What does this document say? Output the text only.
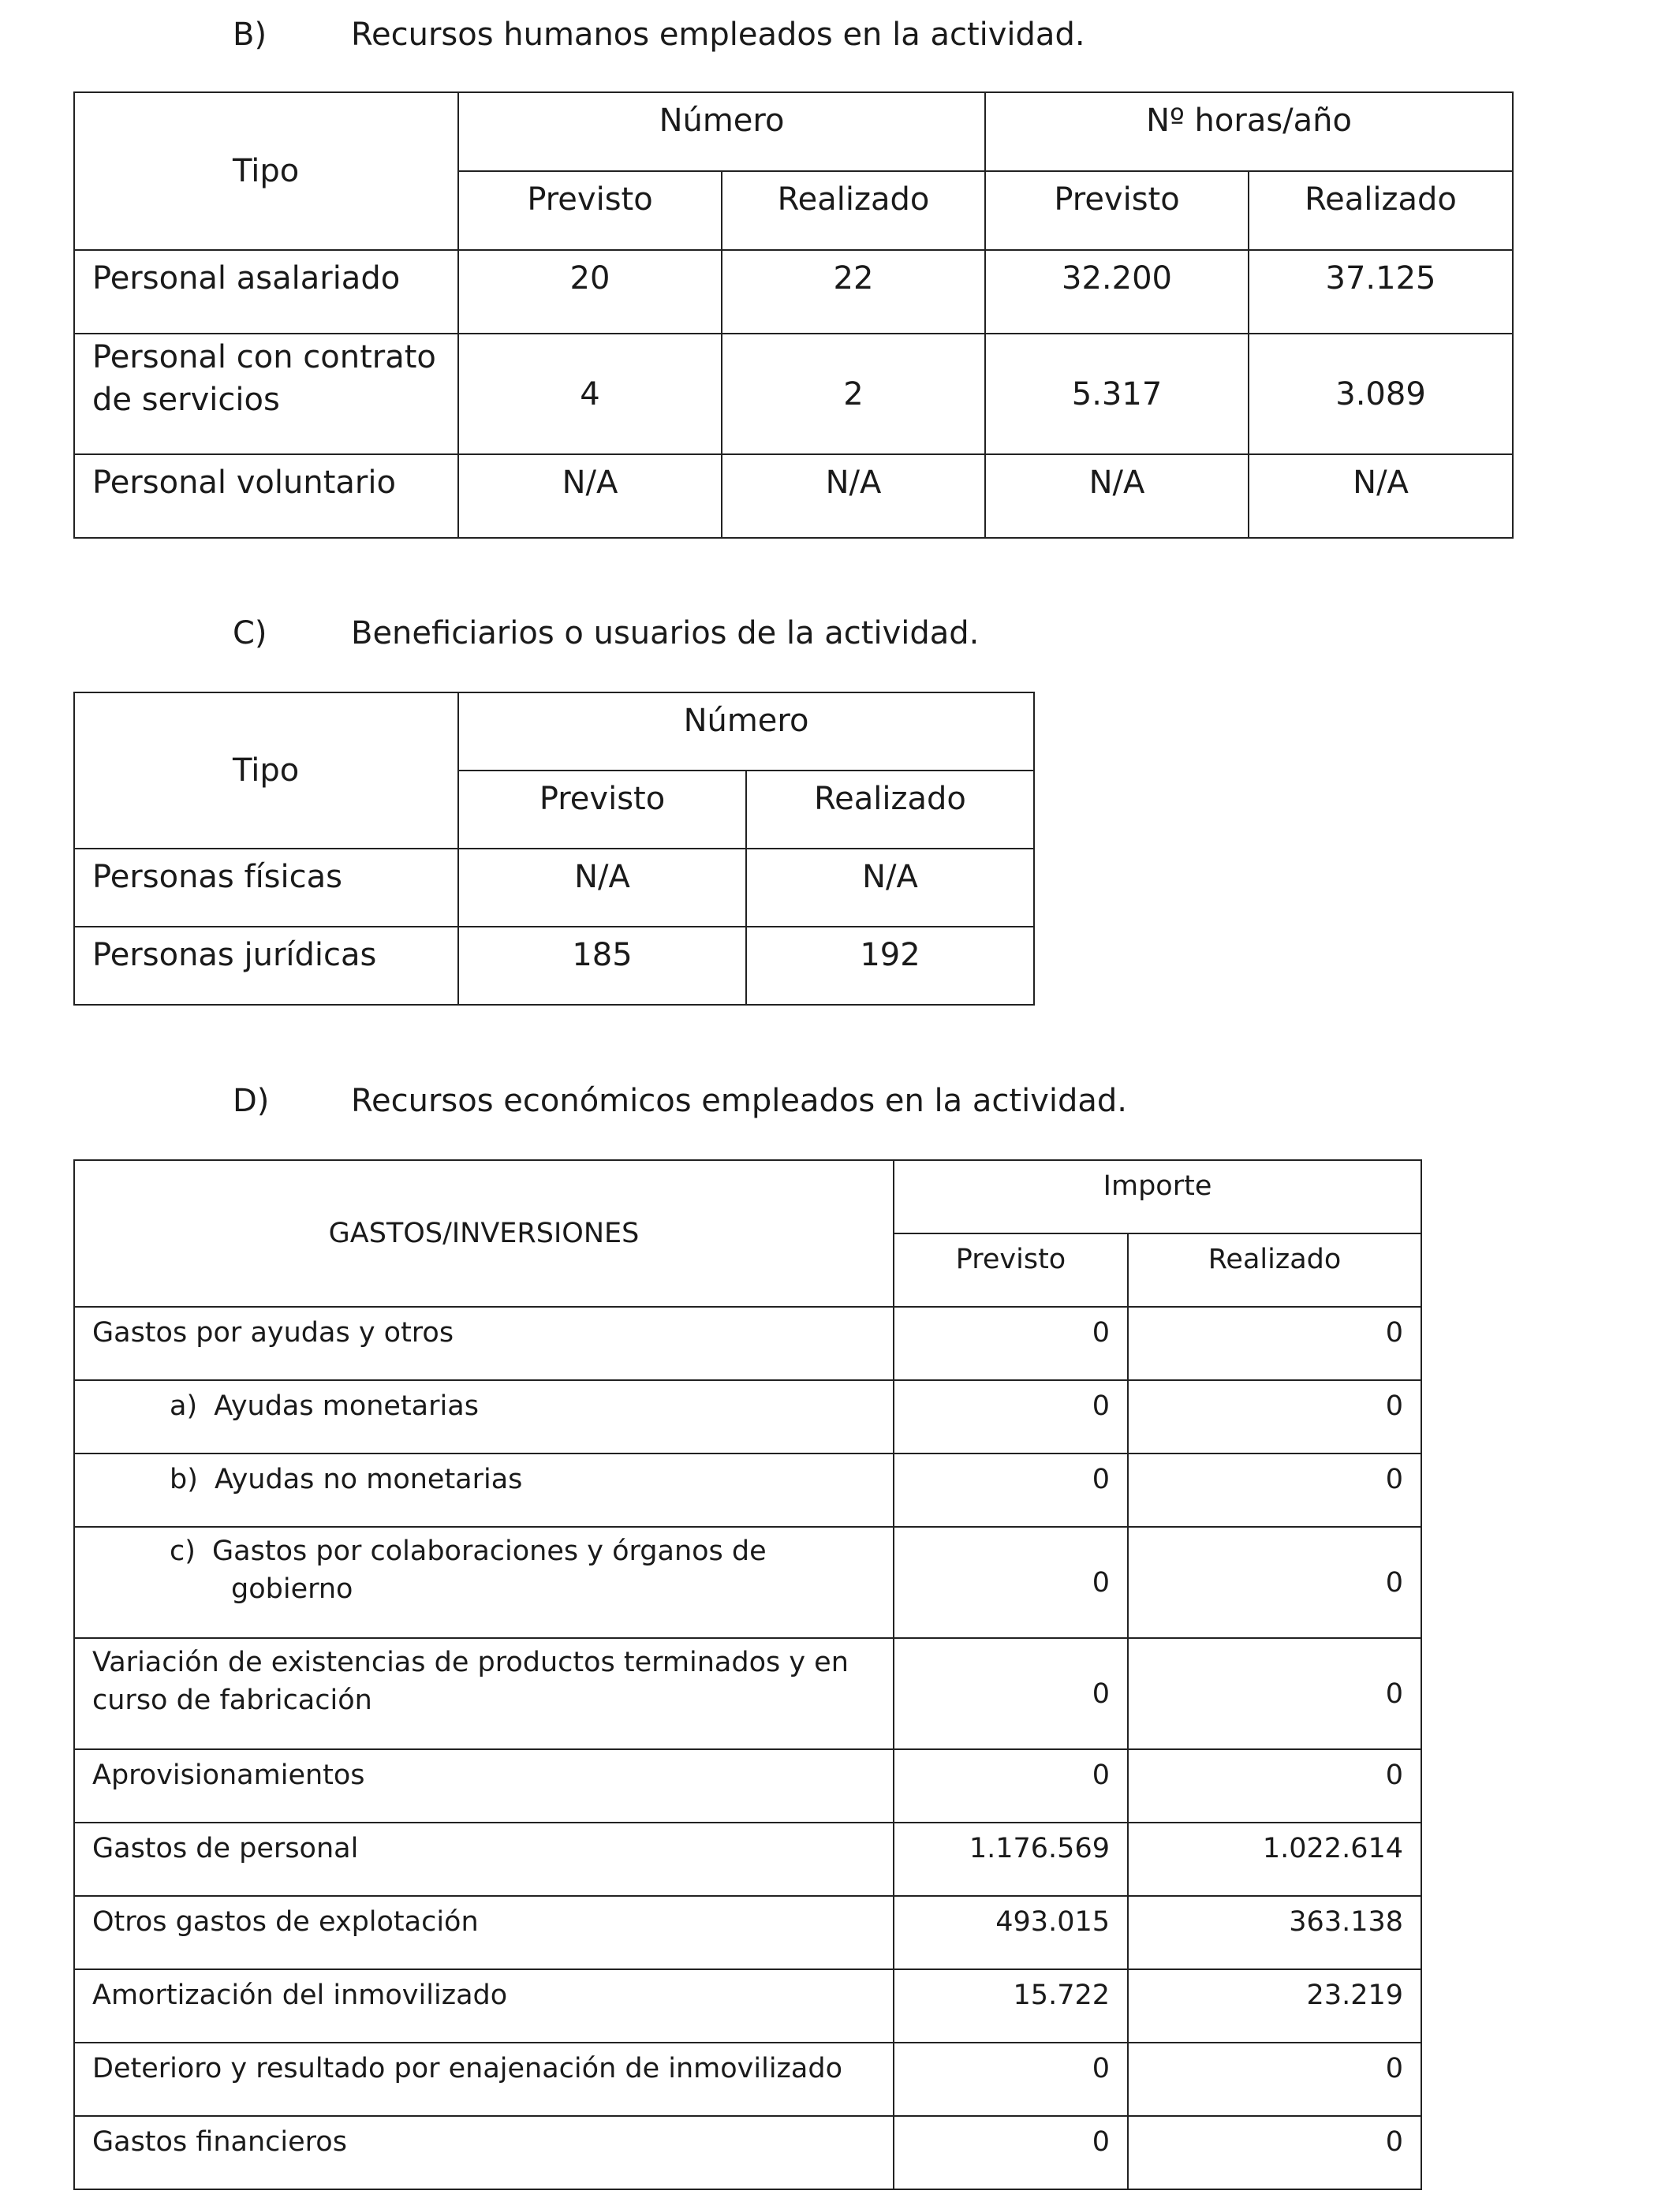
B)	Recursos humanos empleados en la actividad.
Tipo	Número		Nº horas/año	
	Previsto	Realizado	Previsto	Realizado
Personal asalariado	20	22	32.200	37.125
Personal con contrato
de servicios	4	2	5.317	3.089
Personal voluntario	N/A	N/A	N/A	N/A
C)	Beneficiarios o usuarios de la actividad.
Tipo	Número	
	Previsto	Realizado
Personas físicas	N/A	N/A
Personas jurídicas	185	192
D)	Recursos económicos empleados en la actividad.
GASTOS/INVERSIONES	Importe	
	Previsto	Realizado
Gastos por ayudas y otros	0	0
a) Ayudas monetarias	0	0
b) Ayudas no monetarias	0	0
c) Gastos por colaboraciones y órganos de
gobierno	0	0
Variación de existencias de productos terminados y en
curso de fabricación	0	0
Aprovisionamientos	0	0
Gastos de personal	1.176.569	1.022.614
Otros gastos de explotación	493.015	363.138
Amortización del inmovilizado	15.722	23.219
Deterioro y resultado por enajenación de inmovilizado	0	0
Gastos financieros	0	0
